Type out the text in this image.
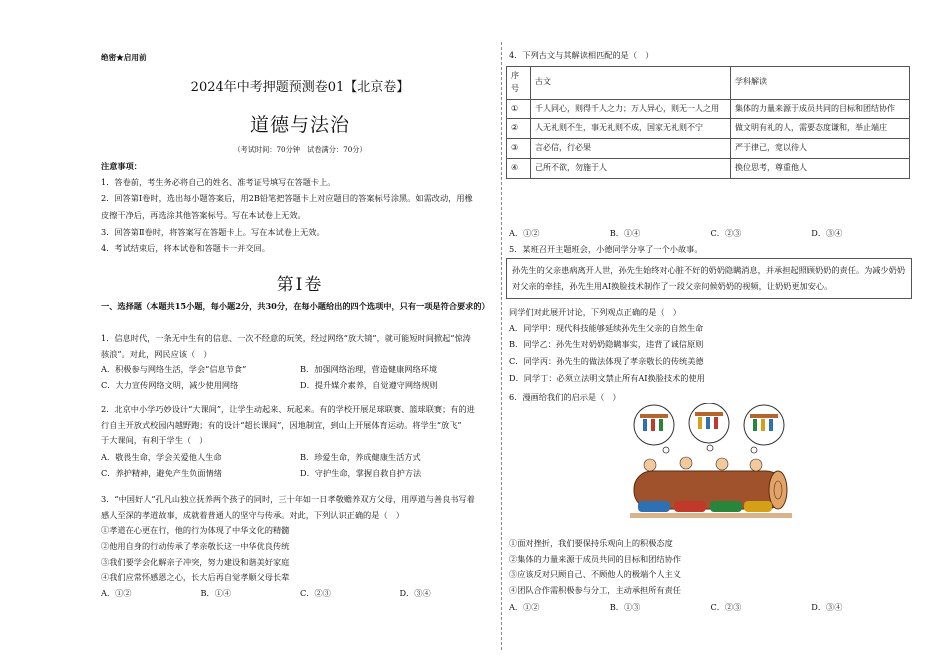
绝密★启用前
2024年中考押题预测卷01【北京卷】
道德与法治
（考试时间：70分钟　试卷满分：70分）

注意事项：

1．答卷前，考生务必将自己的姓名、准考证号填写在答题卡上。

2．回答第Ⅰ卷时，选出每小题答案后，用2B铅笔把答题卡上对应题目的答案标号涂黑。如需改动，用橡

皮擦干净后，再选涂其他答案标号。写在本试卷上无效。

3．回答第Ⅱ卷时，将答案写在答题卡上。写在本试卷上无效。

4．考试结束后，将本试卷和答题卡一并交回。

第Ⅰ卷
一、选择题（本题共15小题，每小题2分，共30分，在每小题给出的四个选项中，只有一项是符合要求的）

1．信息时代，一条无中生有的信息、一次不经意的玩笑，经过网络“放大镜”，就可能短时间掀起“惊涛

骇浪”。对此，网民应该（　）

A．积极参与网络生活，学会“信息节食”	B．加强网络治理，营造健康网络环境
C．大力宣传网络文明，减少使用网络	D．提升媒介素养，自觉遵守网络规则

2．北京中小学巧妙设计“大课间”，让学生动起来、玩起来。有的学校开展足球联赛、篮球联赛；有的进

行自主开放式校园内越野跑；有的设计“超长课间”，因地制宜，到山上开展体育运动。将学生“放飞”

于大课间，有利于学生（　）

A．敬畏生命，学会关爱他人生命	B．珍爱生命，养成健康生活方式
C．养护精神，避免产生负面情绪	D．守护生命，掌握自救自护方法

3．“中国好人”孔凡山独立抚养两个孩子的同时，三十年如一日孝敬赡养双方父母，用厚道与善良书写着

感人至深的孝道故事，成就着普通人的坚守与传承。对此，下列认识正确的是（　）

①孝道在心更在行，他的行为体现了中华文化的精髓

②他用自身的行动传承了孝亲敬长这一中华优良传统

③我们要学会化解亲子冲突，努力建设和谐美好家庭

④我们应常怀感恩之心，长大后再自觉孝顺父母长辈

A．①②	B．①④	C．②③	D．③④
4．下列古文与其解读相匹配的是（　）
序号	古文	学科解读
①	千人同心，则得千人之力；万人异心，则无一人之用	集体的力量来源于成员共同的目标和团结协作
②	人无礼则不生，事无礼则不成，国家无礼则不宁	做文明有礼的人，需要态度谦和，举止端庄
③	言必信，行必果	严于律己，宽以待人
④	己所不欲，勿施于人	换位思考，尊重他人
A．①②	B．①④	C．②③	D．③④
5．某班召开主题班会，小德同学分享了一个小故事。
孙先生的父亲患病离开人世，孙先生始终对心脏不好的奶奶隐瞒消息，并承担起照顾奶奶的责任。为减少奶奶对父亲的牵挂，孙先生用AI换脸技术制作了一段父亲问候奶奶的视频，让奶奶更加安心。

同学们对此展开讨论，下列观点正确的是（　）

A．同学甲：现代科技能够延续孙先生父亲的自然生命

B．同学乙：孙先生对奶奶隐瞒事实，违背了诚信原则

C．同学丙：孙先生的做法体现了孝亲敬长的传统美德

D．同学丁：必须立法明文禁止所有AI换脸技术的使用

6．漫画给我们的启示是（　）

①面对挫折，我们要保持乐观向上的积极态度

②集体的力量来源于成员共同的目标和团结协作

③应该反对只顾自己、不顾他人的极端个人主义

④团队合作需积极参与分工，主动承担所有责任

A．①②	B．①③	C．②③	D．③④
